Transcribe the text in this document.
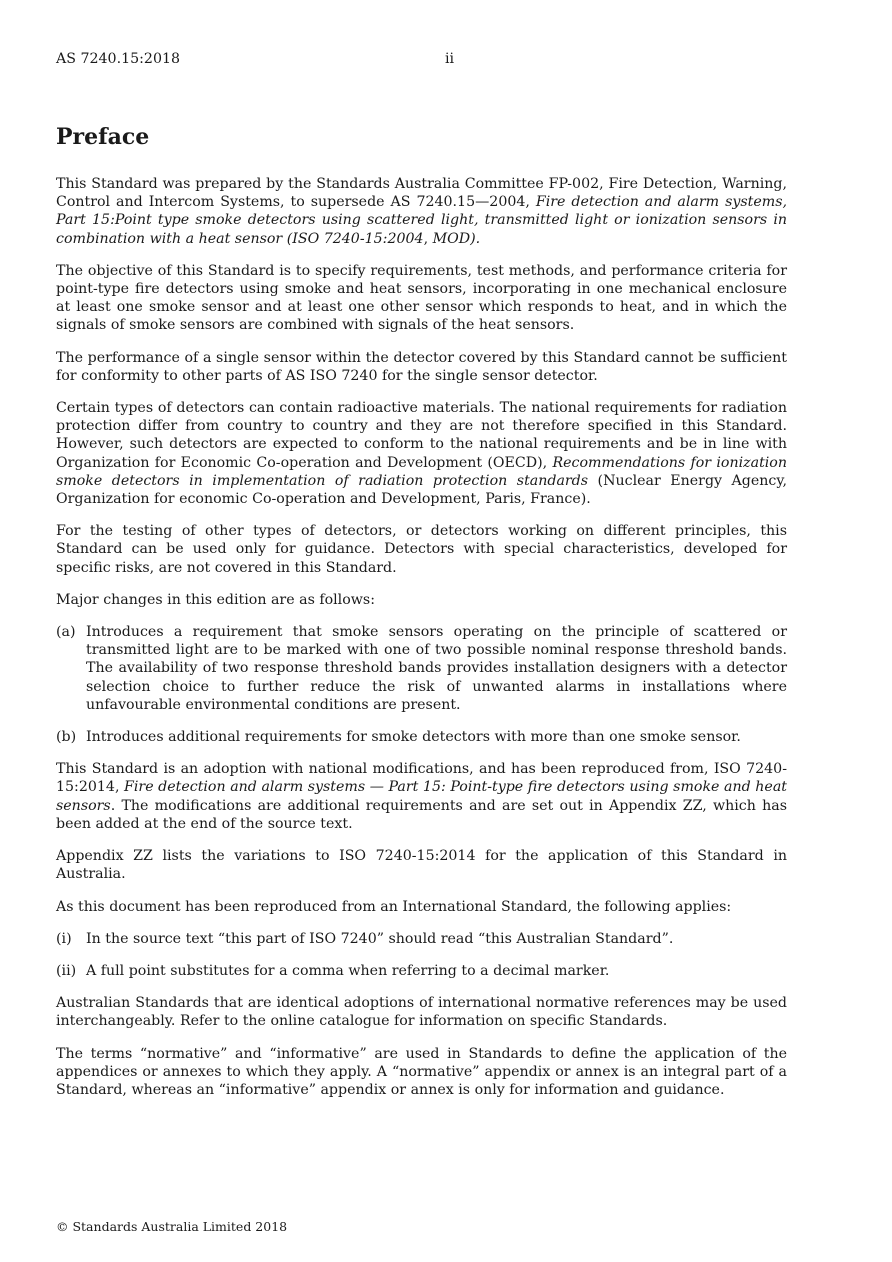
AS 7240.15:2018	ii
Preface

This Standard was prepared by the Standards Australia Committee FP-002, Fire Detection, Warning, Control and Intercom Systems, to supersede AS 7240.15—2004, Fire detection and alarm systems, Part 15:Point type smoke detectors using scattered light, transmitted light or ionization sensors in combination with a heat sensor (ISO 7240-15:2004, MOD).

The objective of this Standard is to specify requirements, test methods, and performance criteria for point-type fire detectors using smoke and heat sensors, incorporating in one mechanical enclosure at least one smoke sensor and at least one other sensor which responds to heat, and in which the signals of smoke sensors are combined with signals of the heat sensors.

The performance of a single sensor within the detector covered by this Standard cannot be sufficient for conformity to other parts of AS ISO 7240 for the single sensor detector.

Certain types of detectors can contain radioactive materials. The national requirements for radiation protection differ from country to country and they are not therefore specified in this Standard. However, such detectors are expected to conform to the national requirements and be in line with Organization for Economic Co-operation and Development (OECD), Recommendations for ionization smoke detectors in implementation of radiation protection standards (Nuclear Energy Agency, Organization for economic Co-operation and Development, Paris, France).

For the testing of other types of detectors, or detectors working on different principles, this Standard can be used only for guidance. Detectors with special characteristics, developed for specific risks, are not covered in this Standard.

Major changes in this edition are as follows:

(a) Introduces a requirement that smoke sensors operating on the principle of scattered or transmitted light are to be marked with one of two possible nominal response threshold bands. The availability of two response threshold bands provides installation designers with a detector selection choice to further reduce the risk of unwanted alarms in installations where unfavourable environmental conditions are present.
(b) Introduces additional requirements for smoke detectors with more than one smoke sensor.

This Standard is an adoption with national modifications, and has been reproduced from, ISO 7240-15:2014, Fire detection and alarm systems — Part 15: Point-type fire detectors using smoke and heat sensors. The modifications are additional requirements and are set out in Appendix ZZ, which has been added at the end of the source text.

Appendix ZZ lists the variations to ISO 7240-15:2014 for the application of this Standard in Australia.

As this document has been reproduced from an International Standard, the following applies:

(i)	In the source text “this part of ISO 7240” should read “this Australian Standard”.
(ii) A full point substitutes for a comma when referring to a decimal marker.

Australian Standards that are identical adoptions of international normative references may be used interchangeably. Refer to the online catalogue for information on specific Standards.

The terms “normative” and “informative” are used in Standards to define the application of the appendices or annexes to which they apply. A “normative” appendix or annex is an integral part of a Standard, whereas an “informative” appendix or annex is only for information and guidance.

© Standards Australia Limited 2018
